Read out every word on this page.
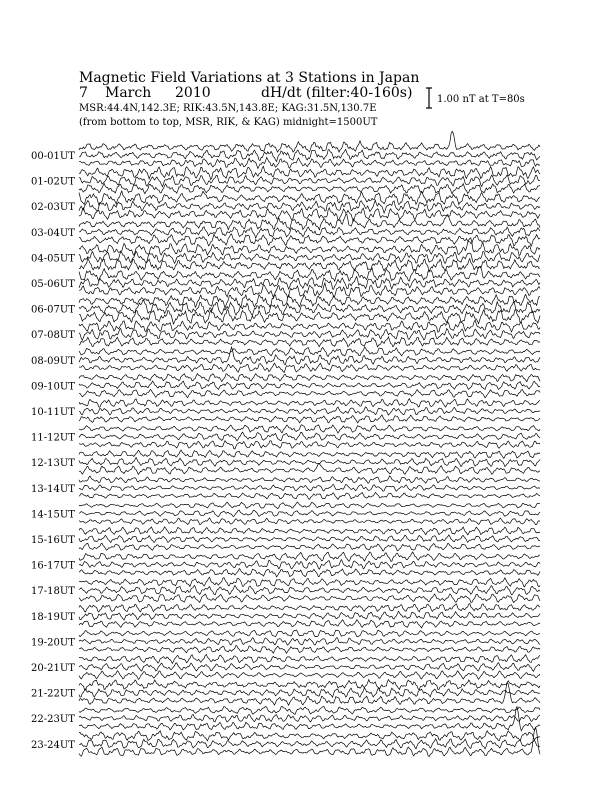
Magnetic Field Variations at 3 Stations in Japan
7 March 2010	dH/dt (filter:40-160s)
MSR:44.4N,142.3E; RIK:43.5N,143.8E; KAG:31.5N,130.7E
(from bottom to top, MSR, RIK, & KAG) midnight=1500UT
1.00 nT at T=80s
00-01UT
01-02UT
02-03UT
03-04UT
04-05UT
05-06UT
06-07UT
07-08UT
08-09UT
09-10UT
10-11UT
11-12UT
12-13UT
13-14UT
14-15UT
15-16UT
16-17UT
17-18UT
18-19UT
19-20UT
20-21UT
21-22UT
22-23UT
23-24UT
